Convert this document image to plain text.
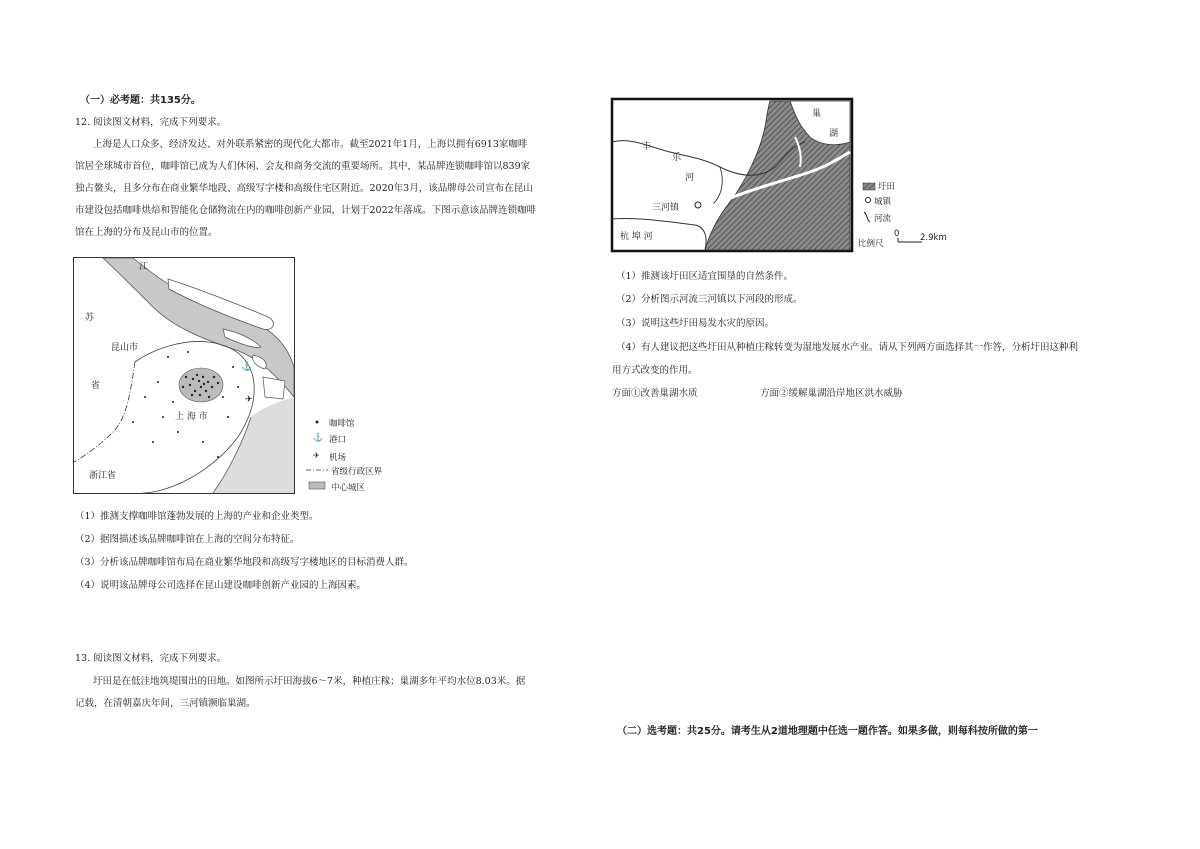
（一）必考题：共135分。
12. 阅读图文材料，完成下列要求。
上海是人口众多、经济发达、对外联系紧密的现代化大都市。截至2021年1月，上海以拥有6913家咖啡
馆居全球城市首位，咖啡馆已成为人们休闲、会友和商务交流的重要场所。其中，某品牌连锁咖啡馆以839家
独占鳌头，且多分布在商业繁华地段、高级写字楼和高级住宅区附近。2020年3月，该品牌母公司宣布在昆山
市建设包括咖啡烘焙和智能化仓储物流在内的咖啡创新产业园，计划于2022年落成。下图示意该品牌连锁咖啡
馆在上海的分布及昆山市的位置。
⚓
✈
⚓
✈
江
苏
昆山市
省
上 海 市
浙江省
咖啡馆
港口
机场
省级行政区界
中心城区
（1）推测支撑咖啡馆蓬勃发展的上海的产业和企业类型。
（2）据图描述该品牌咖啡馆在上海的空间分布特征。
（3）分析该品牌咖啡馆布局在商业繁华地段和高级写字楼地区的目标消费人群。
（4）说明该品牌母公司选择在昆山建设咖啡创新产业园的上海因素。
13. 阅读图文材料，完成下列要求。
圩田是在低洼地筑堤围出的田地。如图所示圩田海拔6～7米，种植庄稼；巢湖多年平均水位8.03米。据
记载，在清朝嘉庆年间，三河镇濒临巢湖。
巢
湖
丰
乐
河
三河镇
杭 埠 河
圩田
城镇
河流
比例尺
0 2.9km
（1）推测该圩田区适宜围垦的自然条件。
（2）分析图示河流三河镇以下河段的形成。
（3）说明这些圩田易发水灾的原因。
（4）有人建议把这些圩田从种植庄稼转变为湿地发展水产业。请从下列两方面选择其一作答，分析圩田这种利
用方式改变的作用。
方面①改善巢湖水质	方面②缓解巢湖沿岸地区洪水威胁
（二）选考题：共25分。请考生从2道地理题中任选一题作答。如果多做，则每科按所做的第一
